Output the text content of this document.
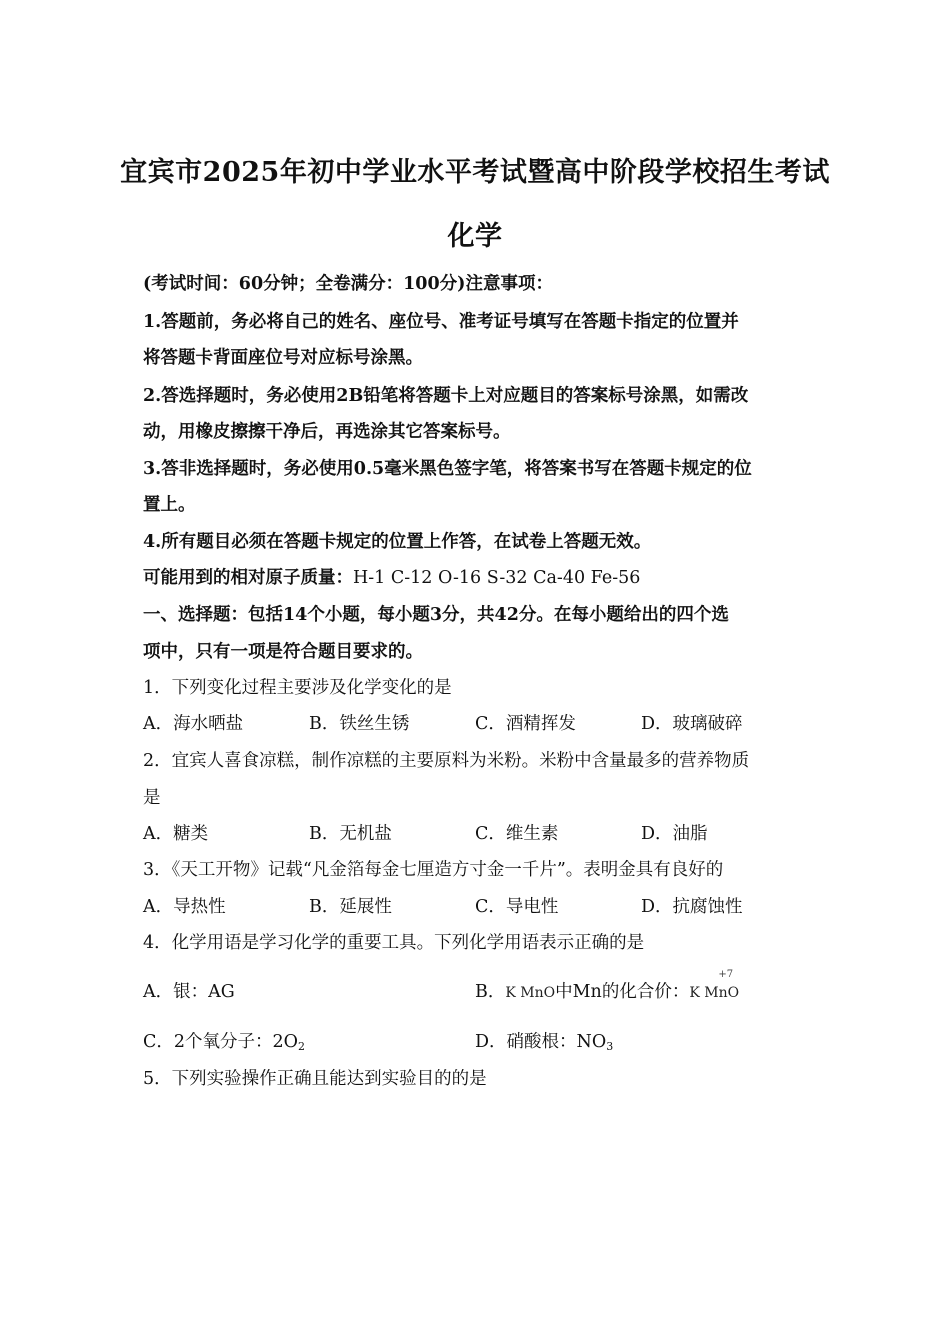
宜宾市2025年初中学业水平考试暨高中阶段学校招生考试
化学
(考试时间：60分钟；全卷满分：100分)注意事项：
1.答题前，务必将自己的姓名、座位号、准考证号填写在答题卡指定的位置并
将答题卡背面座位号对应标号涂黑。
2.答选择题时，务必使用2B铅笔将答题卡上对应题目的答案标号涂黑，如需改
动，用橡皮擦擦干净后，再选涂其它答案标号。
3.答非选择题时，务必使用0.5毫米黑色签字笔，将答案书写在答题卡规定的位
置上。
4.所有题目必须在答题卡规定的位置上作答，在试卷上答题无效。
可能用到的相对原子质量：H-1 C-12 O-16 S-32 Ca-40 Fe-56
一、选择题：包括14个小题，每小题3分，共42分。在每小题给出的四个选
项中，只有一项是符合题目要求的。
1．下列变化过程主要涉及化学变化的是
A．海水晒盐	B．铁丝生锈	C．酒精挥发	D．玻璃破碎
2．宜宾人喜食凉糕，制作凉糕的主要原料为米粉。米粉中含量最多的营养物质
是
A．糖类	B．无机盐	C．维生素	D．油脂
3．《天工开物》记载“凡金箔每金七厘造方寸金一千片”。表明金具有良好的
A．导热性	B．延展性	C．导电性	D．抗腐蚀性
4．化学用语是学习化学的重要工具。下列化学用语表示正确的是
A．银：AG	B．K MnO中Mn的化合价：
+7
K MnO
C．2个氧分子：$2O_2$	D．硝酸根：$NO_3$
5．下列实验操作正确且能达到实验目的的是
